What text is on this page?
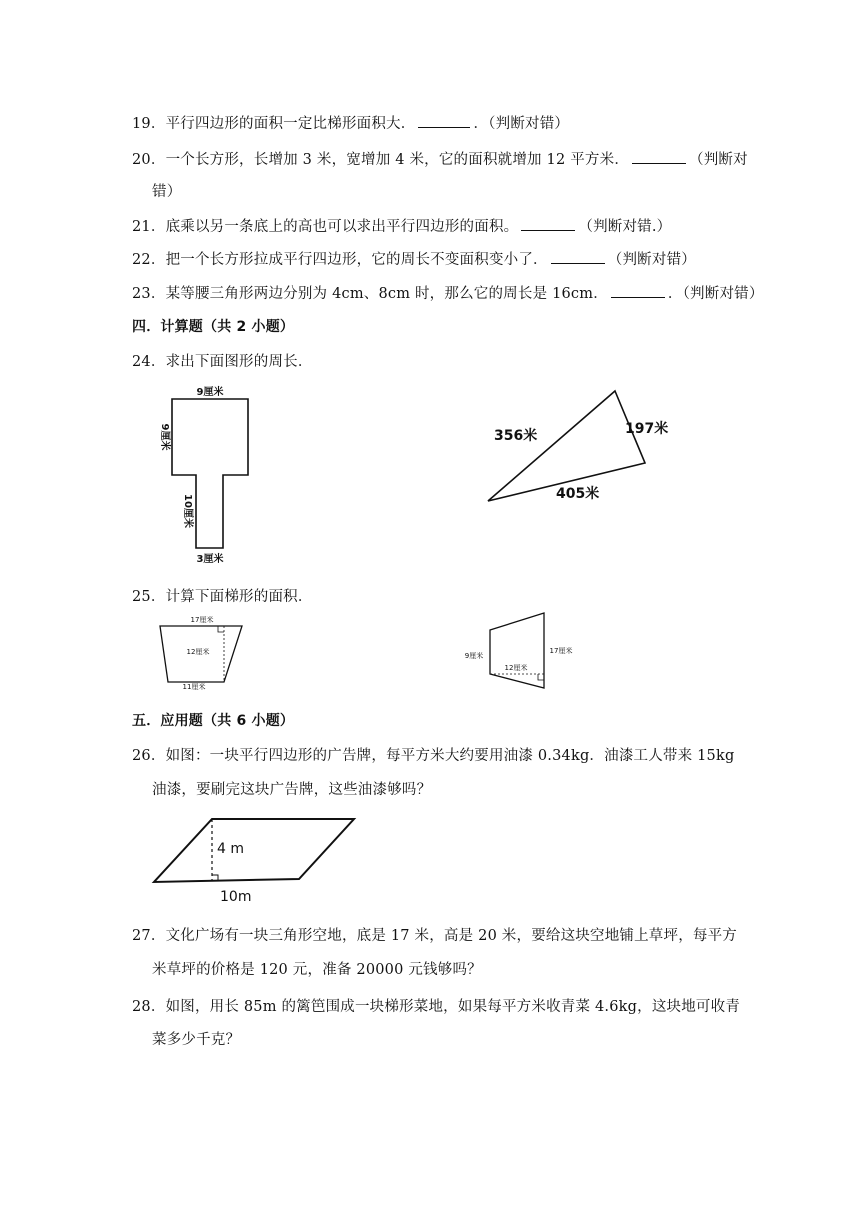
19．平行四边形的面积一定比梯形面积大．	．（判断对错）
20．一个长方形，长增加 3 米，宽增加 4 米，它的面积就增加 12 平方米．	（判断对
错）
21．底乘以另一条底上的高也可以求出平行四边形的面积。	（判断对错.）
22．把一个长方形拉成平行四边形，它的周长不变面积变小了．	（判断对错）
23．某等腰三角形两边分别为 4cm、8cm 时，那么它的周长是 16cm．	．（判断对错）
四．计算题（共 2 小题）
24．求出下面图形的周长．
9厘米
9厘米
10厘米
3厘米
356米	197米
405米
25．计算下面梯形的面积．
17厘米
12厘米
11厘米
9厘米
12厘米
17厘米
五．应用题（共 6 小题）
26．如图：一块平行四边形的广告牌，每平方米大约要用油漆 0.34kg．油漆工人带来 15kg
油漆，要刷完这块广告牌，这些油漆够吗？
4 m
10m
27．文化广场有一块三角形空地，底是 17 米，高是 20 米，要给这块空地铺上草坪，每平方
米草坪的价格是 120 元，准备 20000 元钱够吗？
28．如图，用长 85m 的篱笆围成一块梯形菜地，如果每平方米收青菜 4.6kg，这块地可收青
菜多少千克？
